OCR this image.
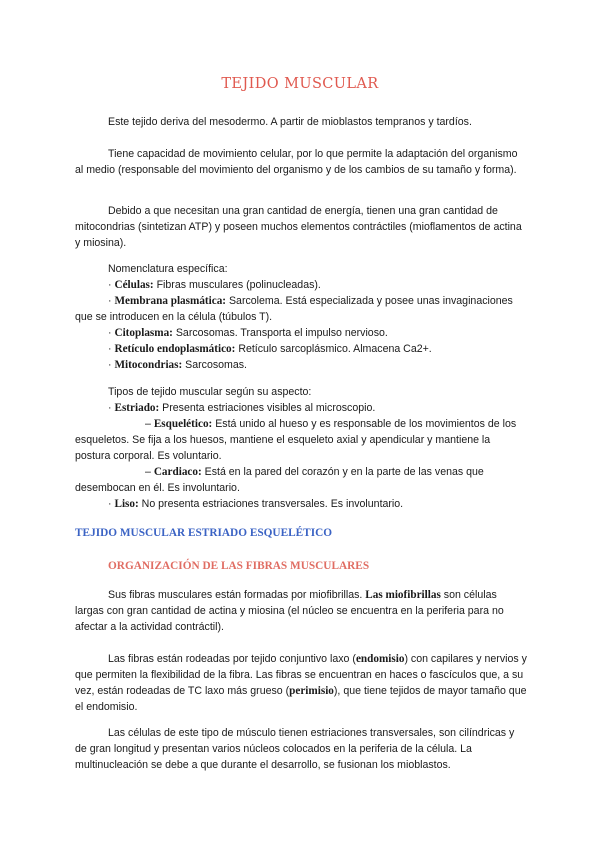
TEJIDO MUSCULAR

Este tejido deriva del mesodermo. A partir de mioblastos tempranos y tardíos.

Tiene capacidad de movimiento celular, por lo que permite la adaptación del organismo al medio (responsable del movimiento del organismo y de los cambios de su tamaño y forma).

Debido a que necesitan una gran cantidad de energía, tienen una gran cantidad de mitocondrias (sintetizan ATP) y poseen muchos elementos contráctiles (mioflamentos de actina y miosina).

Nomenclatura específica:
· Células: Fibras musculares (polinucleadas).
· Membrana plasmática: Sarcolema. Está especializada y posee unas invaginaciones que se introducen en la célula (túbulos T).
· Citoplasma: Sarcosomas. Transporta el impulso nervioso.
· Retículo endoplasmático: Retículo sarcoplásmico. Almacena Ca2+.
· Mitocondrias: Sarcosomas.

Tipos de tejido muscular según su aspecto:
· Estriado: Presenta estriaciones visibles al microscopio.
– Esquelético: Está unido al hueso y es responsable de los movimientos de los esqueletos. Se fija a los huesos, mantiene el esqueleto axial y apendicular y mantiene la postura corporal. Es voluntario.
– Cardiaco: Está en la pared del corazón y en la parte de las venas que desembocan en él. Es involuntario.
· Liso: No presenta estriaciones transversales. Es involuntario.

TEJIDO MUSCULAR ESTRIADO ESQUELÉTICO
ORGANIZACIÓN DE LAS FIBRAS MUSCULARES

Sus fibras musculares están formadas por miofibrillas. Las miofibrillas son células largas con gran cantidad de actina y miosina (el núcleo se encuentra en la periferia para no afectar a la actividad contráctil).

Las fibras están rodeadas por tejido conjuntivo laxo (endomisio) con capilares y nervios y que permiten la flexibilidad de la fibra. Las fibras se encuentran en haces o fascículos que, a su vez, están rodeadas de TC laxo más grueso (perimisio), que tiene tejidos de mayor tamaño que el endomisio.

Las células de este tipo de músculo tienen estriaciones transversales, son cilíndricas y de gran longitud y presentan varios núcleos colocados en la periferia de la célula. La multinucleación se debe a que durante el desarrollo, se fusionan los mioblastos.
